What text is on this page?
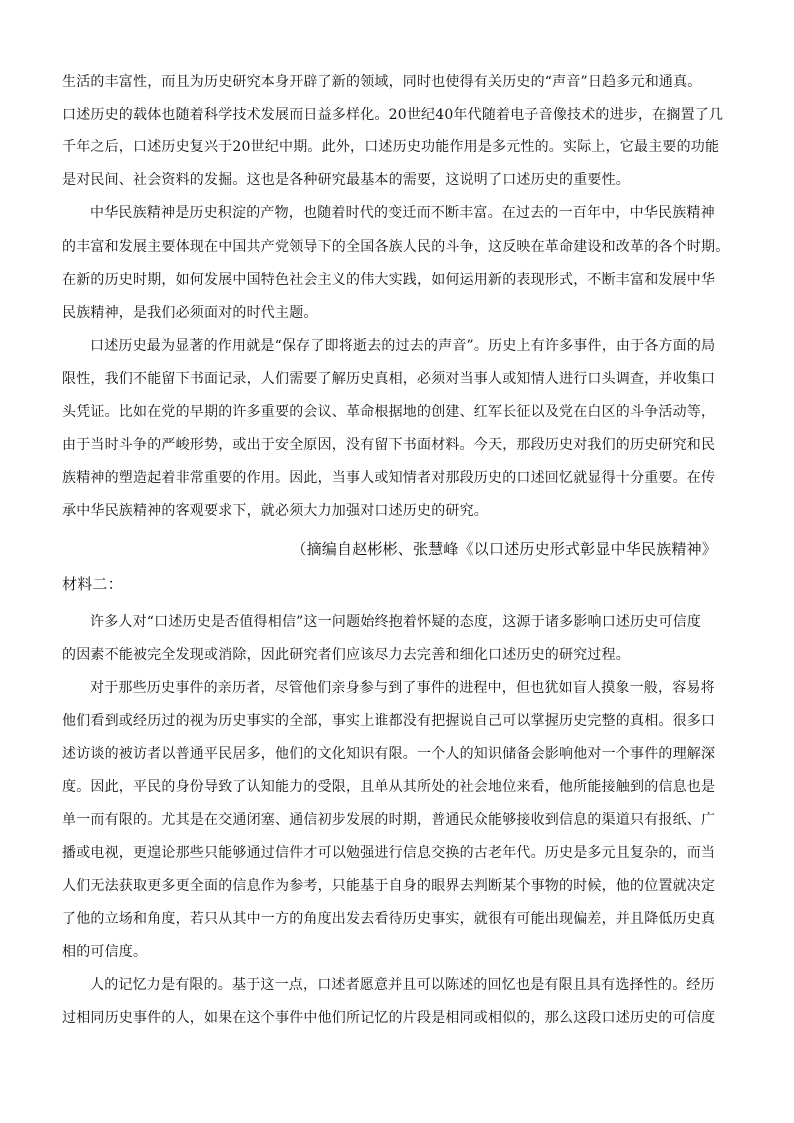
生活的丰富性，而且为历史研究本身开辟了新的领域，同时也使得有关历史的“声音”日趋多元和通真。
口述历史的载体也随着科学技术发展而日益多样化。20世纪40年代随着电子音像技术的进步，在搁置了几
千年之后，口述历史复兴于20世纪中期。此外，口述历史功能作用是多元性的。实际上，它最主要的功能
是对民间、社会资料的发掘。这也是各种研究最基本的需要，这说明了口述历史的重要性。
中华民族精神是历史积淀的产物，也随着时代的变迁而不断丰富。在过去的一百年中，中华民族精神
的丰富和发展主要体现在中国共产党领导下的全国各族人民的斗争，这反映在革命建设和改革的各个时期。
在新的历史时期，如何发展中国特色社会主义的伟大实践，如何运用新的表现形式，不断丰富和发展中华
民族精神，是我们必须面对的时代主题。
口述历史最为显著的作用就是“保存了即将逝去的过去的声音”。历史上有许多事件，由于各方面的局
限性，我们不能留下书面记录，人们需要了解历史真相，必须对当事人或知情人进行口头调查，并收集口
头凭证。比如在党的早期的许多重要的会议、革命根据地的创建、红军长征以及党在白区的斗争活动等，
由于当时斗争的严峻形势，或出于安全原因，没有留下书面材料。今天，那段历史对我们的历史研究和民
族精神的塑造起着非常重要的作用。因此，当事人或知情者对那段历史的口述回忆就显得十分重要。在传
承中华民族精神的客观要求下，就必须大力加强对口述历史的研究。
（摘编自赵彬彬、张慧峰《以口述历史形式彰显中华民族精神》
材料二：
许多人对“口述历史是否值得相信”这一问题始终抱着怀疑的态度，这源于诸多影响口述历史可信度
的因素不能被完全发现或消除，因此研究者们应该尽力去完善和细化口述历史的研究过程。
对于那些历史事件的亲历者，尽管他们亲身参与到了事件的进程中，但也犹如盲人摸象一般，容易将
他们看到或经历过的视为历史事实的全部，事实上谁都没有把握说自己可以掌握历史完整的真相。很多口
述访谈的被访者以普通平民居多，他们的文化知识有限。一个人的知识储备会影响他对一个事件的理解深
度。因此，平民的身份导致了认知能力的受限，且单从其所处的社会地位来看，他所能接触到的信息也是
单一而有限的。尤其是在交通闭塞、通信初步发展的时期，普通民众能够接收到信息的渠道只有报纸、广
播或电视，更遑论那些只能够通过信件才可以勉强进行信息交换的古老年代。历史是多元且复杂的，而当
人们无法获取更多更全面的信息作为参考，只能基于自身的眼界去判断某个事物的时候，他的位置就决定
了他的立场和角度，若只从其中一方的角度出发去看待历史事实，就很有可能出现偏差，并且降低历史真
相的可信度。
人的记忆力是有限的。基于这一点，口述者愿意并且可以陈述的回忆也是有限且具有选择性的。经历
过相同历史事件的人，如果在这个事件中他们所记忆的片段是相同或相似的，那么这段口述历史的可信度
